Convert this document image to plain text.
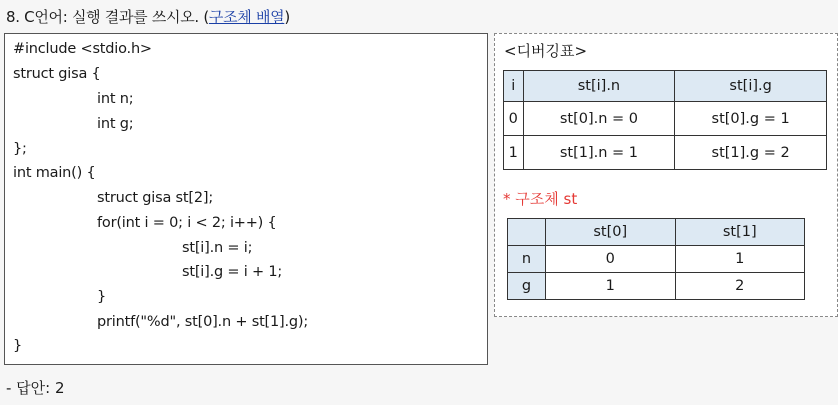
8. C언어: 실행 결과를 쓰시오. (구조체 배열)
#include <stdio.h>
struct gisa {
int n;
int g;
};
int main() {
struct gisa st[2];
for(int i = 0; i < 2; i++) {
st[i].n = i;
st[i].g = i + 1;
}
printf("%d", st[0].n + st[1].g);
}
<디버깅표>
i	st[i].n	st[i].g
0	st[0].n = 0	st[0].g = 1
1	st[1].n = 1	st[1].g = 2
* 구조체 st
	st[0]	st[1]
n	0	1
g	1	2
- 답안: 2
